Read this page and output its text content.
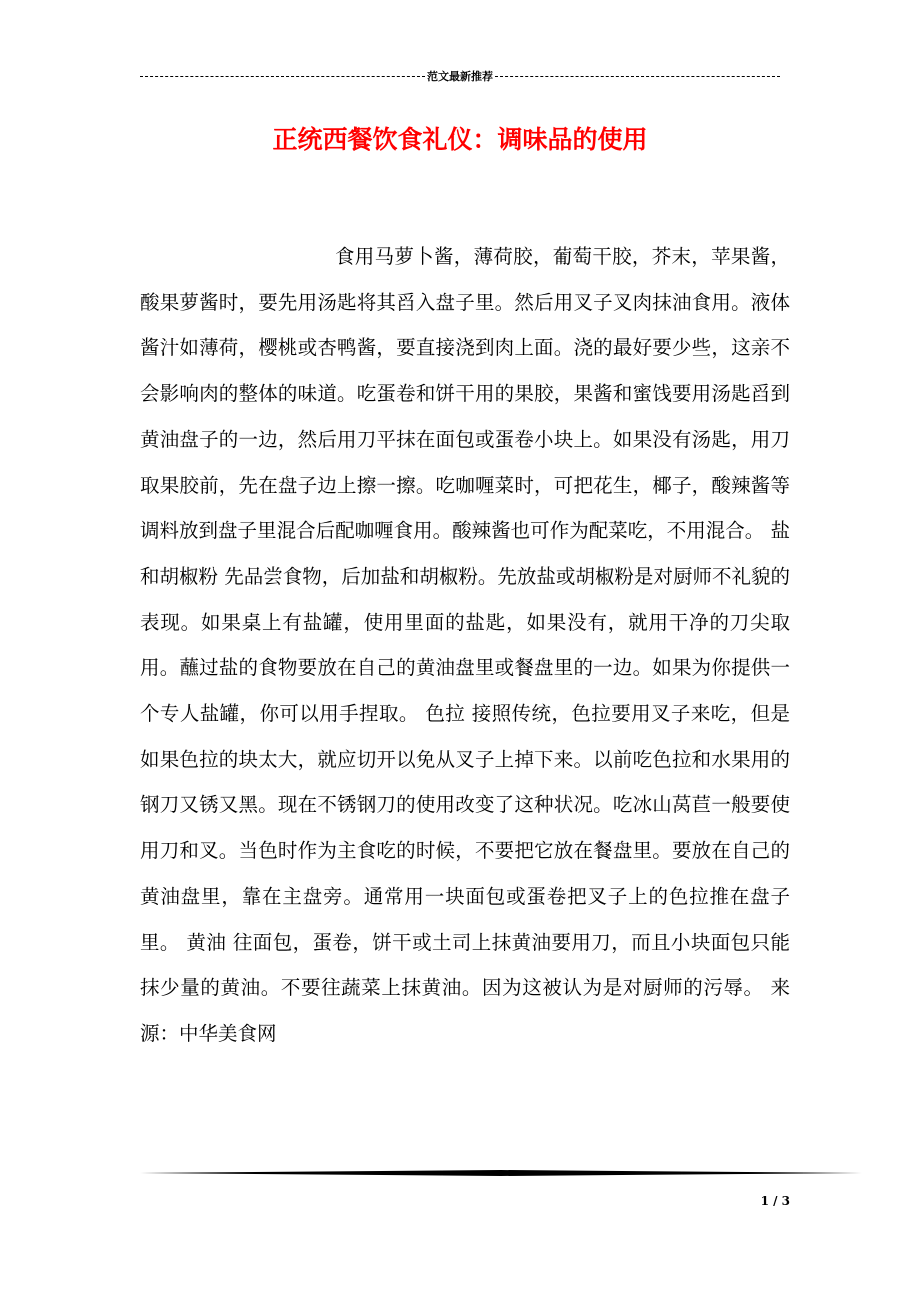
范文最新推荐
正统西餐饮食礼仪：调味品的使用

食用马萝卜酱，薄荷胶，葡萄干胶，芥末，苹果酱，酸果萝酱时，要先用汤匙将其舀入盘子里。然后用叉子叉肉抹油食用。液体酱汁如薄荷，樱桃或杏鸭酱，要直接浇到肉上面。浇的最好要少些，这亲不会影响肉的整体的味道。吃蛋卷和饼干用的果胶，果酱和蜜饯要用汤匙舀到黄油盘子的一边，然后用刀平抹在面包或蛋卷小块上。如果没有汤匙，用刀取果胶前，先在盘子边上擦一擦。吃咖喱菜时，可把花生，椰子，酸辣酱等调料放到盘子里混合后配咖喱食用。酸辣酱也可作为配菜吃，不用混合。 盐和胡椒粉 先品尝食物，后加盐和胡椒粉。先放盐或胡椒粉是对厨师不礼貌的表现。如果桌上有盐罐，使用里面的盐匙，如果没有，就用干净的刀尖取用。蘸过盐的食物要放在自己的黄油盘里或餐盘里的一边。如果为你提供一个专人盐罐，你可以用手捏取。 色拉 接照传统，色拉要用叉子来吃，但是如果色拉的块太大，就应切开以免从叉子上掉下来。以前吃色拉和水果用的钢刀又锈又黑。现在不锈钢刀的使用改变了这种状况。吃冰山莴苣一般要使用刀和叉。当色时作为主食吃的时候，不要把它放在餐盘里。要放在自己的黄油盘里，靠在主盘旁。通常用一块面包或蛋卷把叉子上的色拉推在盘子里。 黄油 往面包，蛋卷，饼干或土司上抹黄油要用刀，而且小块面包只能抹少量的黄油。不要往蔬菜上抹黄油。因为这被认为是对厨师的污辱。 来源：中华美食网

1 / 3
